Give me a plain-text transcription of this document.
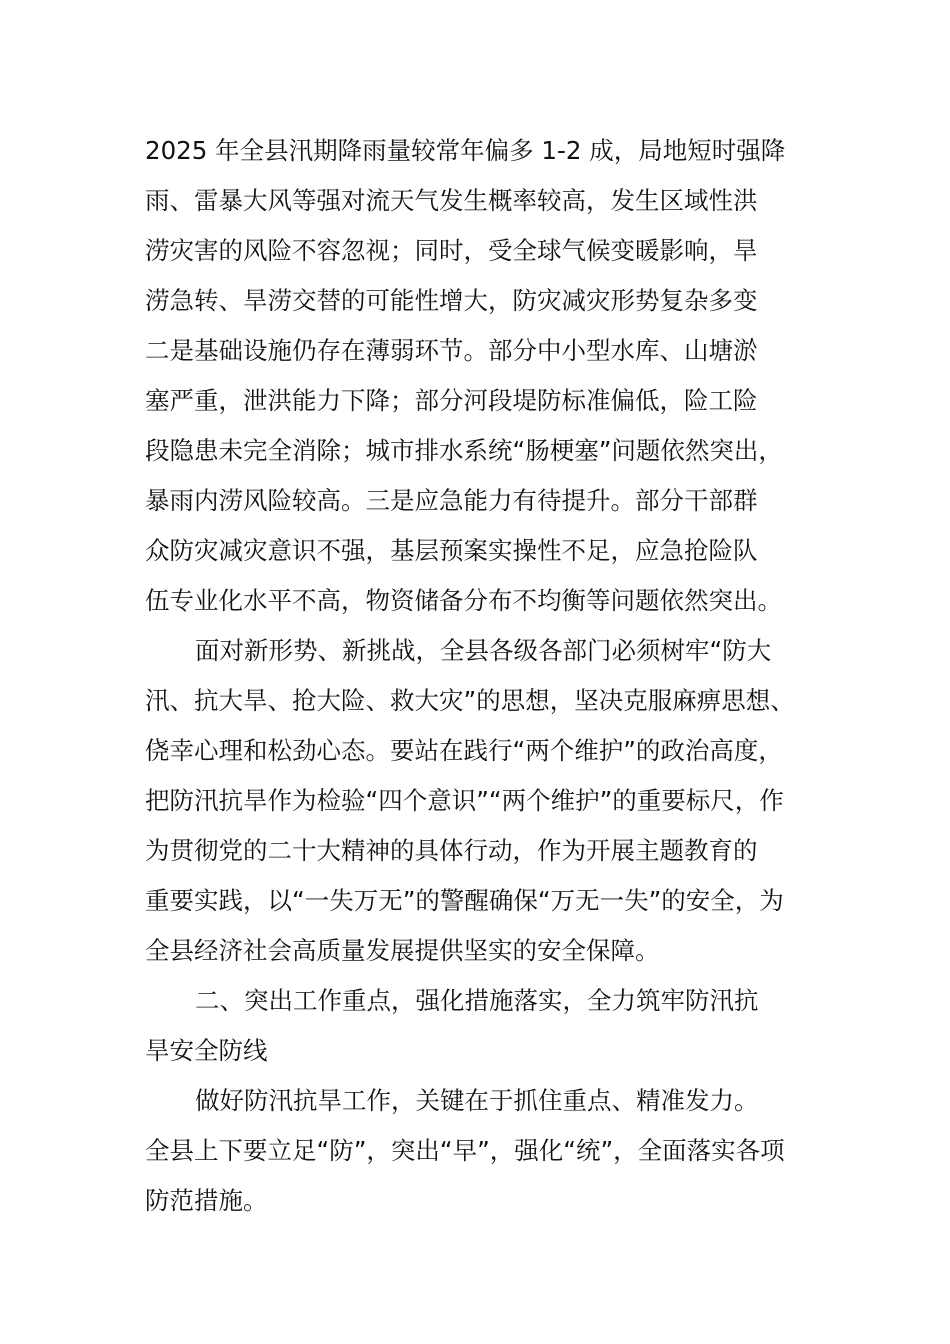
2025 年全县汛期降雨量较常年偏多 1-2 成，局地短时强降
雨、雷暴大风等强对流天气发生概率较高，发生区域性洪
涝灾害的风险不容忽视；同时，受全球气候变暖影响，旱
涝急转、旱涝交替的可能性增大，防灾减灾形势复杂多变
二是基础设施仍存在薄弱环节。部分中小型水库、山塘淤
塞严重，泄洪能力下降；部分河段堤防标准偏低，险工险
段隐患未完全消除；城市排水系统“肠梗塞”问题依然突出，
暴雨内涝风险较高。三是应急能力有待提升。部分干部群
众防灾减灾意识不强，基层预案实操性不足，应急抢险队
伍专业化水平不高，物资储备分布不均衡等问题依然突出。
面对新形势、新挑战，全县各级各部门必须树牢“防大
汛、抗大旱、抢大险、救大灾”的思想，坚决克服麻痹思想、
侥幸心理和松劲心态。要站在践行“两个维护”的政治高度，
把防汛抗旱作为检验“四个意识”“两个维护”的重要标尺，作
为贯彻党的二十大精神的具体行动，作为开展主题教育的
重要实践，以“一失万无”的警醒确保“万无一失”的安全，为
全县经济社会高质量发展提供坚实的安全保障。
二、突出工作重点，强化措施落实，全力筑牢防汛抗
旱安全防线
做好防汛抗旱工作，关键在于抓住重点、精准发力。
全县上下要立足“防”，突出“早”，强化“统”，全面落实各项
防范措施。
